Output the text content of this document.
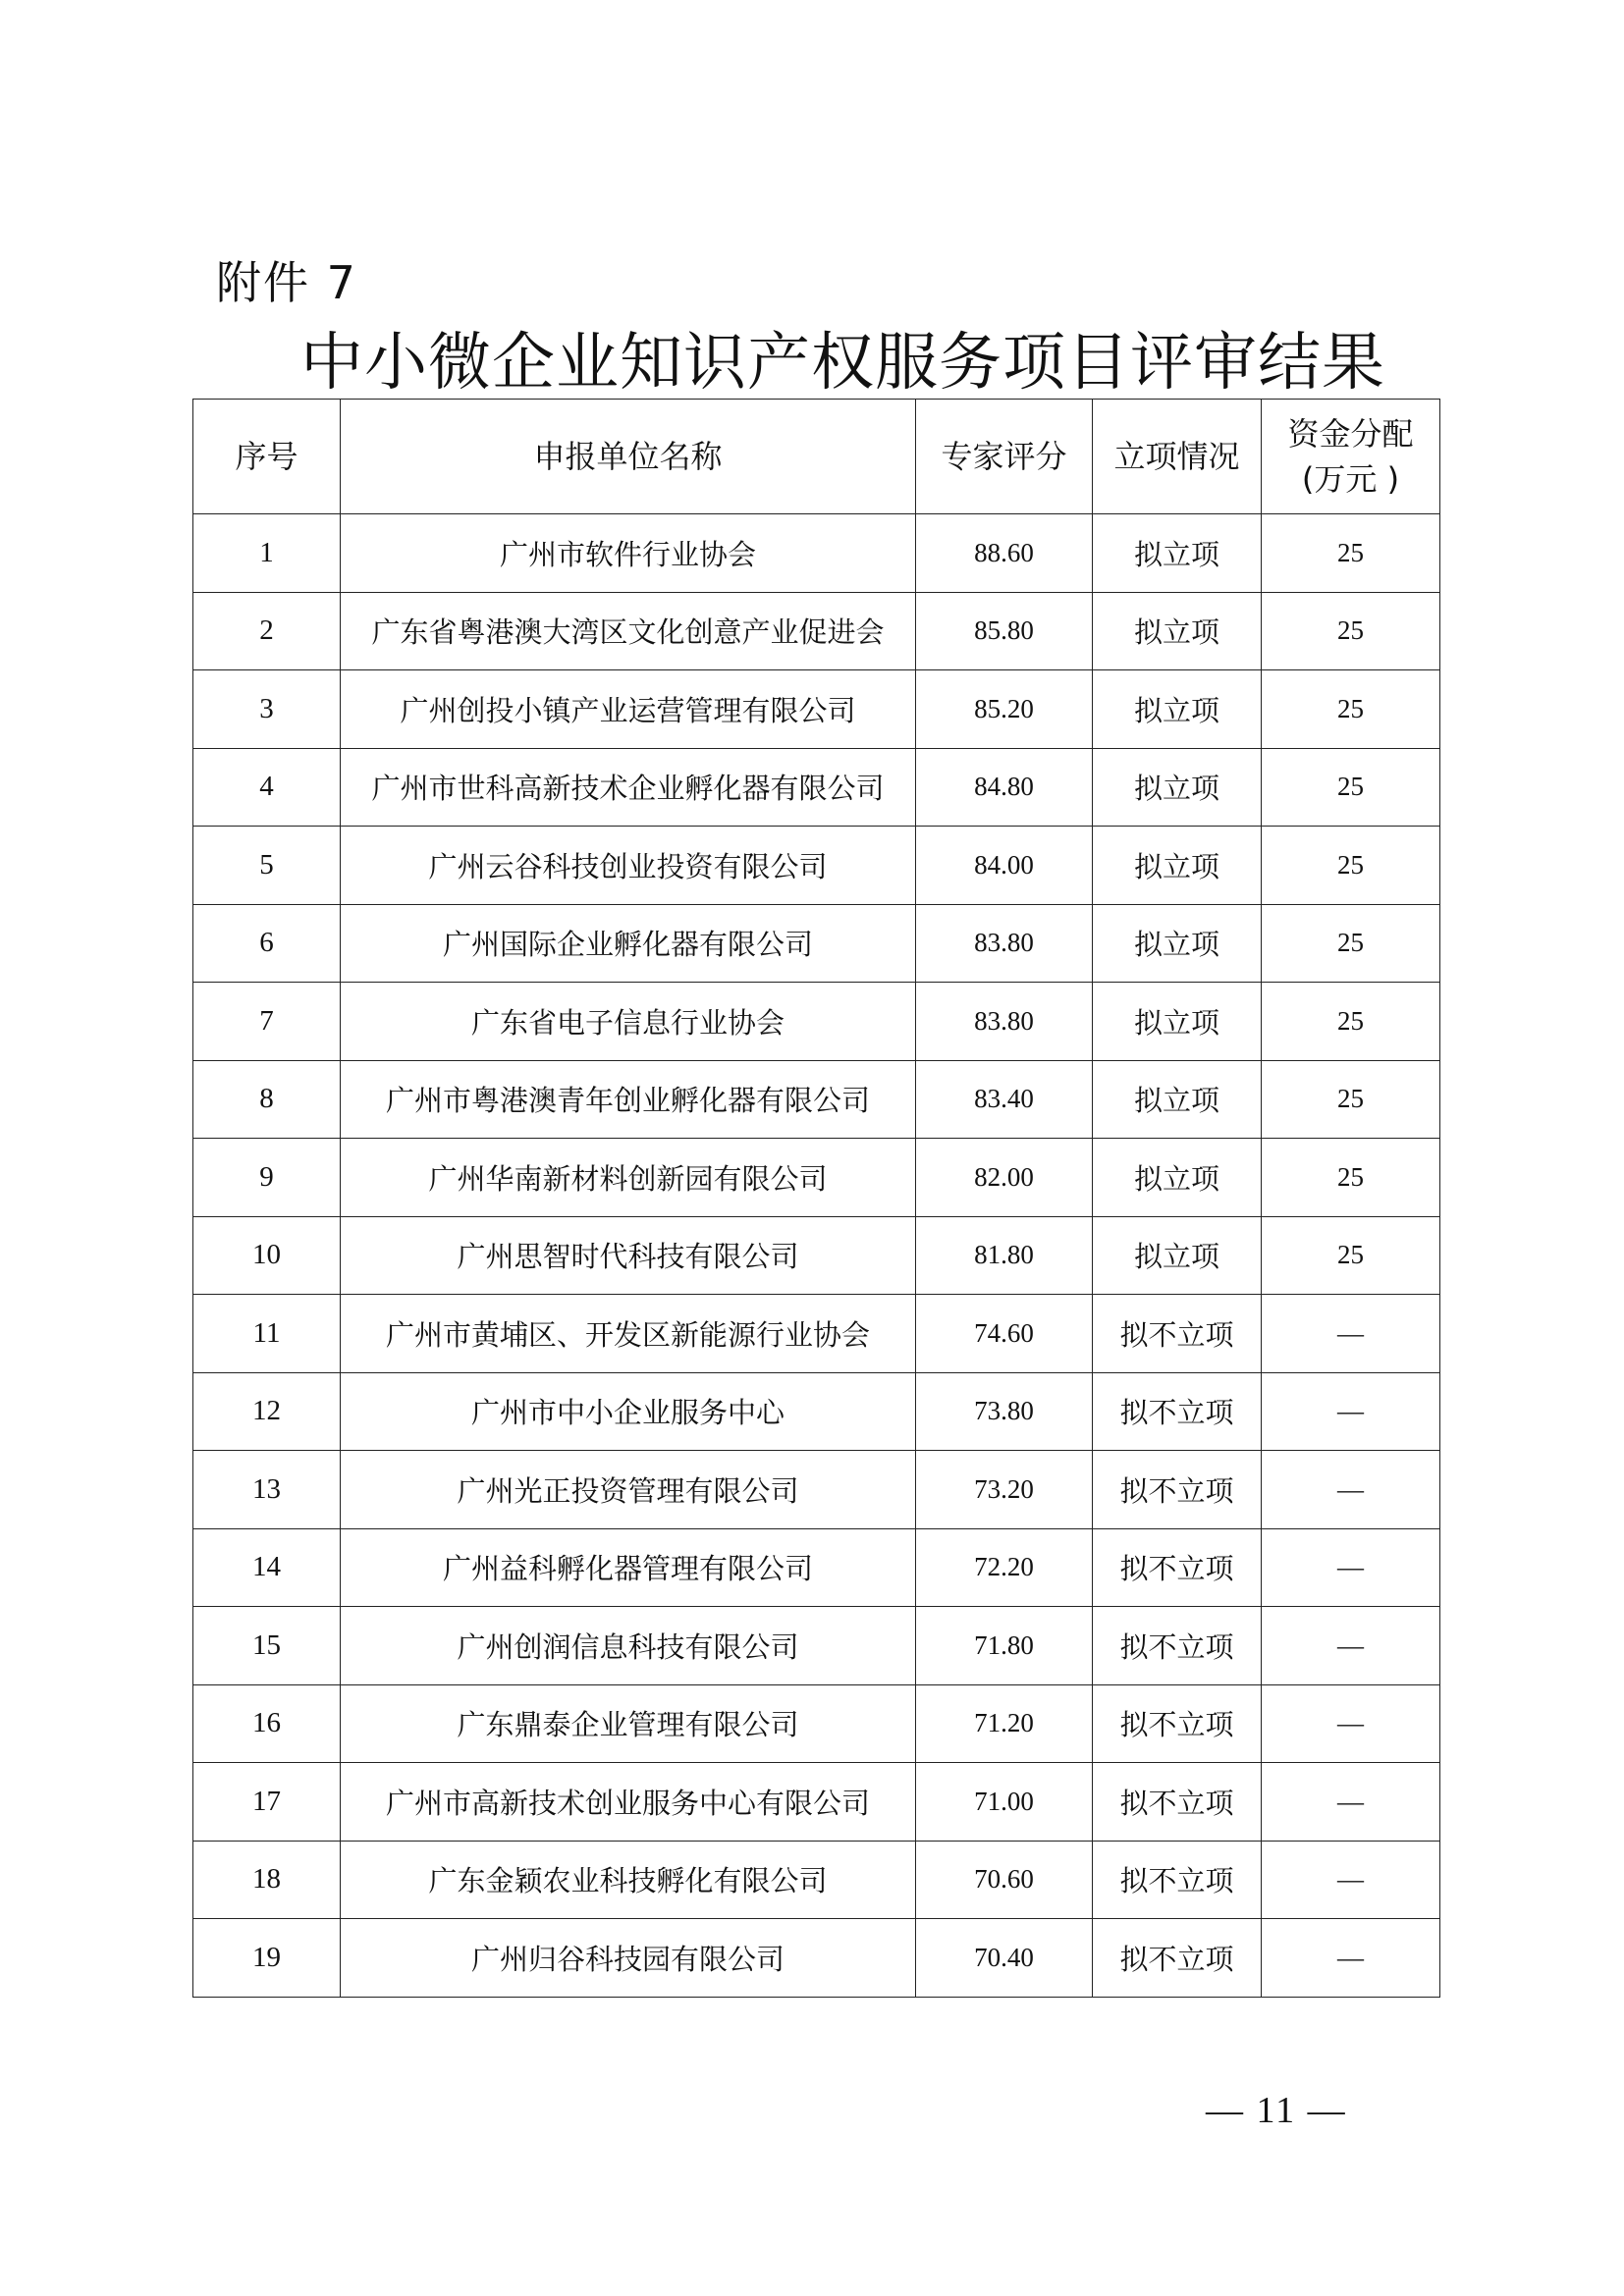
附件 7
中小微企业知识产权服务项目评审结果
序号	申报单位名称	专家评分	立项情况	资金分配
(万元 )

1	广州市软件行业协会	88.60	拟立项	25
2	广东省粤港澳大湾区文化创意产业促进会	85.80	拟立项	25
3	广州创投小镇产业运营管理有限公司	85.20	拟立项	25
4	广州市世科高新技术企业孵化器有限公司	84.80	拟立项	25
5	广州云谷科技创业投资有限公司	84.00	拟立项	25
6	广州国际企业孵化器有限公司	83.80	拟立项	25
7	广东省电子信息行业协会	83.80	拟立项	25
8	广州市粤港澳青年创业孵化器有限公司	83.40	拟立项	25
9	广州华南新材料创新园有限公司	82.00	拟立项	25
10	广州思智时代科技有限公司	81.80	拟立项	25
11	广州市黄埔区、开发区新能源行业协会	74.60	拟不立项	—
12	广州市中小企业服务中心	73.80	拟不立项	—
13	广州光正投资管理有限公司	73.20	拟不立项	—
14	广州益科孵化器管理有限公司	72.20	拟不立项	—
15	广州创润信息科技有限公司	71.80	拟不立项	—
16	广东鼎泰企业管理有限公司	71.20	拟不立项	—
17	广州市高新技术创业服务中心有限公司	71.00	拟不立项	—
18	广东金颖农业科技孵化有限公司	70.60	拟不立项	—
19	广州归谷科技园有限公司	70.40	拟不立项	—
— 11 —
